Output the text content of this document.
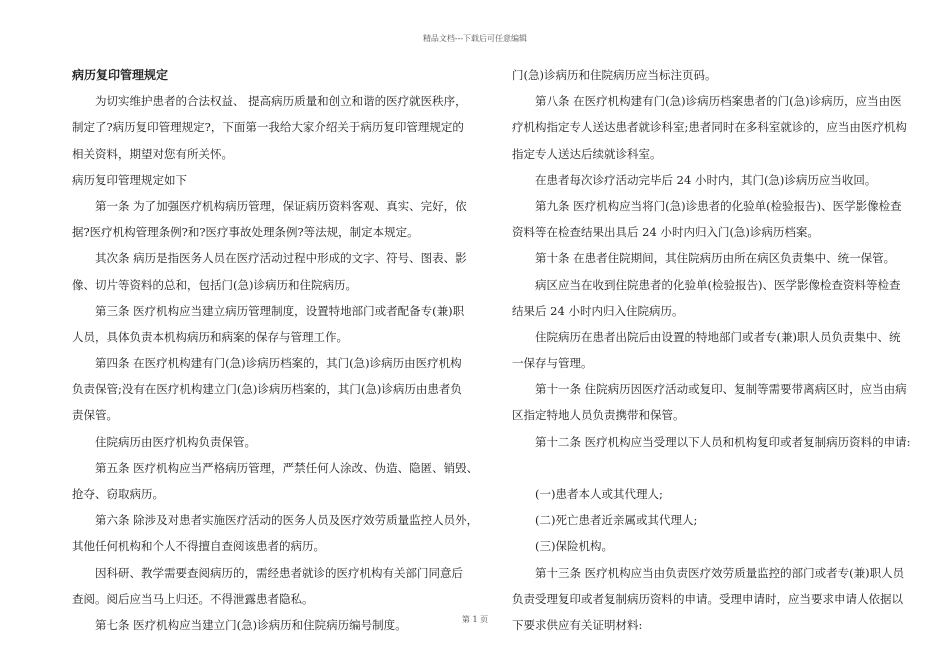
精品文档---下载后可任意编辑
病历复印管理规定
为切实维护患者的合法权益、 提高病历质量和创立和谐的医疗就医秩序，
制定了?病历复印管理规定?，下面第一我给大家介绍关于病历复印管理规定的
相关资料，期望对您有所关怀。
病历复印管理规定如下
第一条 为了加强医疗机构病历管理，保证病历资料客观、真实、完好，依
据?医疗机构管理条例?和?医疗事故处理条例?等法规，制定本规定。
其次条 病历是指医务人员在医疗活动过程中形成的文字、符号、图表、影
像、切片等资料的总和，包括门(急)诊病历和住院病历。
第三条 医疗机构应当建立病历管理制度，设置特地部门或者配备专(兼)职
人员，具体负责本机构病历和病案的保存与管理工作。
第四条 在医疗机构建有门(急)诊病历档案的，其门(急)诊病历由医疗机构
负责保管;没有在医疗机构建立门(急)诊病历档案的，其门(急)诊病历由患者负
责保管。
住院病历由医疗机构负责保管。
第五条 医疗机构应当严格病历管理，严禁任何人涂改、伪造、隐匿、销毁、
抢夺、窃取病历。
第六条 除涉及对患者实施医疗活动的医务人员及医疗效劳质量监控人员外，
其他任何机构和个人不得擅自查阅该患者的病历。
因科研、教学需要查阅病历的，需经患者就诊的医疗机构有关部门同意后
查阅。阅后应当马上归还。不得泄露患者隐私。
第七条 医疗机构应当建立门(急)诊病历和住院病历编号制度。
门(急)诊病历和住院病历应当标注页码。
第八条 在医疗机构建有门(急)诊病历档案患者的门(急)诊病历，应当由医
疗机构指定专人送达患者就诊科室;患者同时在多科室就诊的，应当由医疗机构
指定专人送达后续就诊科室。
在患者每次诊疗活动完毕后 24 小时内，其门(急)诊病历应当收回。
第九条 医疗机构应当将门(急)诊患者的化验单(检验报告)、医学影像检查
资料等在检查结果出具后 24 小时内归入门(急)诊病历档案。
第十条 在患者住院期间，其住院病历由所在病区负责集中、统一保管。
病区应当在收到住院患者的化验单(检验报告)、医学影像检查资料等检查
结果后 24 小时内归入住院病历。
住院病历在患者出院后由设置的特地部门或者专(兼)职人员负责集中、统
一保存与管理。
第十一条 住院病历因医疗活动或复印、复制等需要带离病区时，应当由病
区指定特地人员负责携带和保管。
第十二条 医疗机构应当受理以下人员和机构复印或者复制病历资料的申请:
(一)患者本人或其代理人;
(二)死亡患者近亲属或其代理人;
(三)保险机构。
第十三条 医疗机构应当由负责医疗效劳质量监控的部门或者专(兼)职人员
负责受理复印或者复制病历资料的申请。受理申请时，应当要求申请人依据以
下要求供应有关证明材料:
第 1 页
